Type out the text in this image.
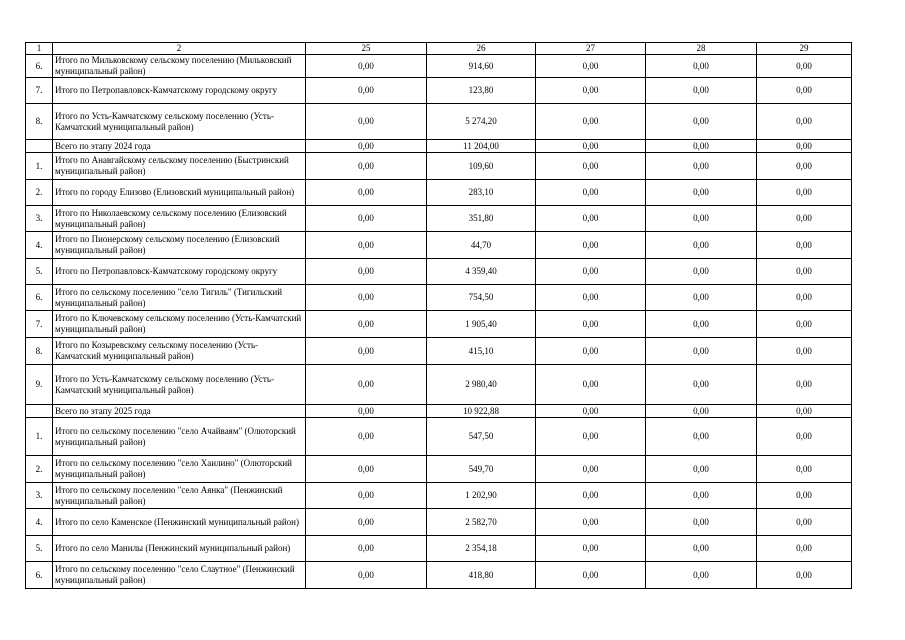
1	2	25	26	27	28	29
6.	Итого по Мильковскому сельскому поселению (Мильковский муниципальный район)	0,00	914,60	0,00	0,00	0,00
7.	Итого по Петропавловск-Камчатскому городскому округу	0,00	123,80	0,00	0,00	0,00
8.	Итого по Усть-Камчатскому сельскому поселению (Усть-Камчатский муниципальный район)	0,00	5 274,20	0,00	0,00	0,00
	Всего по этапу 2024 года	0,00	11 204,00	0,00	0,00	0,00
1.	Итого по Анавгайскому сельскому поселению (Быстринский муниципальный район)	0,00	109,60	0,00	0,00	0,00
2.	Итого по городу Елизово (Елизовский муниципальный район)	0,00	283,10	0,00	0,00	0,00
3.	Итого по Николаевскому сельскому поселению (Елизовский муниципальный район)	0,00	351,80	0,00	0,00	0,00
4.	Итого по Пионерскому сельскому поселению (Елизовский муниципальный район)	0,00	44,70	0,00	0,00	0,00
5.	Итого по Петропавловск-Камчатскому городскому округу	0,00	4 359,40	0,00	0,00	0,00
6.	Итого по сельскому поселению "село Тигиль" (Тигильский муниципальный район)	0,00	754,50	0,00	0,00	0,00
7.	Итого по Ключевскому сельскому поселению (Усть-Камчатский муниципальный район)	0,00	1 905,40	0,00	0,00	0,00
8.	Итого по Козыревскому сельскому поселению (Усть-Камчатский муниципальный район)	0,00	415,10	0,00	0,00	0,00
9.	Итого по Усть-Камчатскому сельскому поселению (Усть-Камчатский муниципальный район)	0,00	2 980,40	0,00	0,00	0,00
	Всего по этапу 2025 года	0,00	10 922,88	0,00	0,00	0,00
1.	Итого по сельскому поселению "село Ачайваям" (Олюторский муниципальный район)	0,00	547,50	0,00	0,00	0,00
2.	Итого по сельскому поселению "село Хаилино" (Олюторский муниципальный район)	0,00	549,70	0,00	0,00	0,00
3.	Итого по сельскому поселению "село Аянка" (Пенжинский муниципальный район)	0,00	1 202,90	0,00	0,00	0,00
4.	Итого по село Каменское (Пенжинский муниципальный район)	0,00	2 582,70	0,00	0,00	0,00
5.	Итого по село Манилы (Пенжинский муниципальный район)	0,00	2 354,18	0,00	0,00	0,00
6.	Итого по сельскому поселению "село Слаутное" (Пенжинский муниципальный район)	0,00	418,80	0,00	0,00	0,00
